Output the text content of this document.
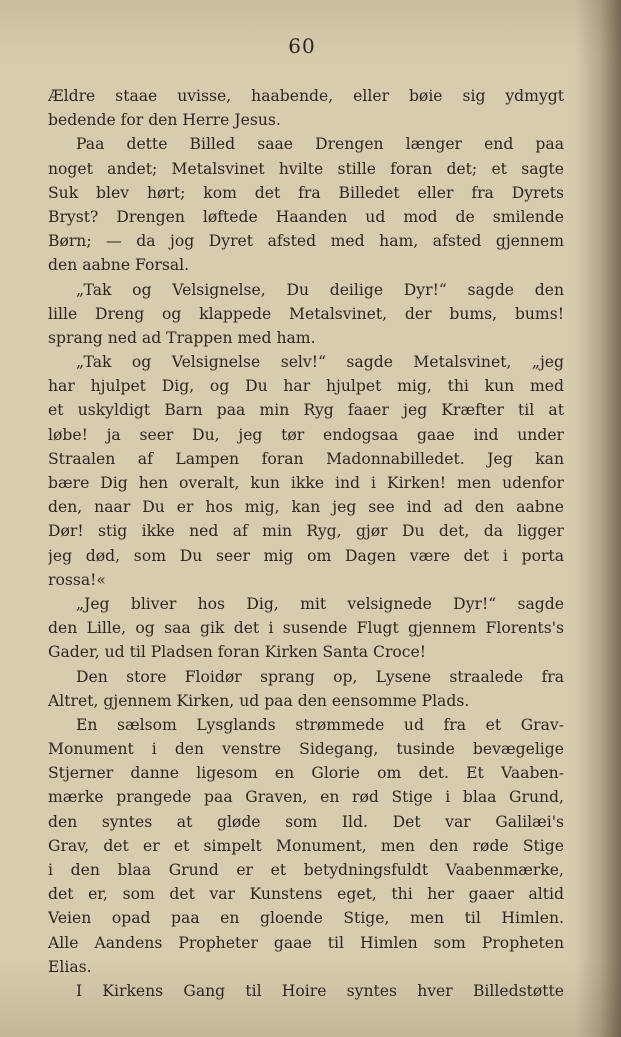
60
Ældre staae uvisse, haabende, eller bøie sig ydmygt
bedende for den Herre Jesus.
Paa dette Billed saae Drengen længer end paa
noget andet; Metalsvinet hvilte stille foran det; et sagte
Suk blev hørt; kom det fra Billedet eller fra Dyrets
Bryst? Drengen løftede Haanden ud mod de smilende
Børn; — da jog Dyret afsted med ham, afsted gjennem
den aabne Forsal.
„Tak og Velsignelse, Du deilige Dyr!“ sagde den
lille Dreng og klappede Metalsvinet, der bums, bums!
sprang ned ad Trappen med ham.
„Tak og Velsignelse selv!“ sagde Metalsvinet, „jeg
har hjulpet Dig, og Du har hjulpet mig, thi kun med
et uskyldigt Barn paa min Ryg faaer jeg Kræfter til at
løbe! ja seer Du, jeg tør endogsaa gaae ind under
Straalen af Lampen foran Madonnabilledet. Jeg kan
bære Dig hen overalt, kun ikke ind i Kirken! men udenfor
den, naar Du er hos mig, kan jeg see ind ad den aabne
Dør! stig ikke ned af min Ryg, gjør Du det, da ligger
jeg død, som Du seer mig om Dagen være det i porta
rossa!«
„Jeg bliver hos Dig, mit velsignede Dyr!“ sagde
den Lille, og saa gik det i susende Flugt gjennem Florents's
Gader, ud til Pladsen foran Kirken Santa Croce!
Den store Floidør sprang op, Lysene straalede fra
Altret, gjennem Kirken, ud paa den eensomme Plads.
En sælsom Lysglands strømmede ud fra et Grav-
Monument i den venstre Sidegang, tusinde bevægelige
Stjerner danne ligesom en Glorie om det. Et Vaaben-
mærke prangede paa Graven, en rød Stige i blaa Grund,
den syntes at gløde som Ild. Det var Galilæi's
Grav, det er et simpelt Monument, men den røde Stige
i den blaa Grund er et betydningsfuldt Vaabenmærke,
det er, som det var Kunstens eget, thi her gaaer altid
Veien opad paa en gloende Stige, men til Himlen.
Alle Aandens Propheter gaae til Himlen som Propheten
Elias.
I Kirkens Gang til Hoire syntes hver Billedstøtte
